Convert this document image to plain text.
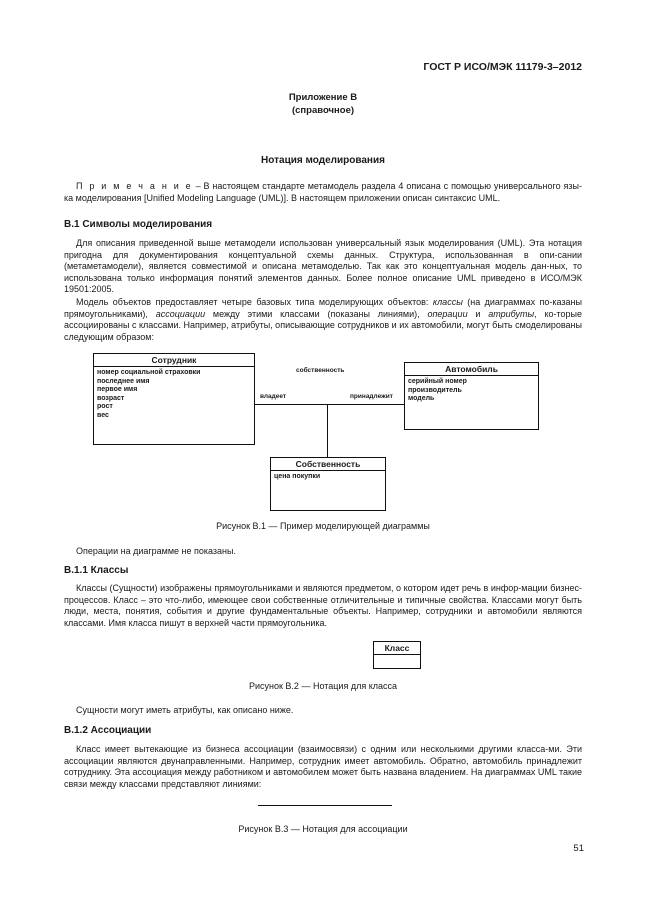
ГОСТ Р ИСО/МЭК 11179-3–2012
Приложение В
(справочное)
Нотация моделирования

П р и м е ч а н и е – В настоящем стандарте метамодель раздела 4 описана с помощью универсального язы-ка моделирования [Unified Modeling Language (UML)]. В настоящем приложении описан синтаксис UML.

В.1 Символы моделирования

Для описания приведенной выше метамодели использован универсальный язык моделирования (UML). Эта нотация пригодна для документирования концептуальной схемы данных. Структура, использованная в опи-сании (метаметамодели), является совместимой и описана метамоделью. Так как это концептуальная модель дан-ных, то использована только информация понятий элементов данных. Более полное описание UML приведено в ИСО/МЭК 19501:2005.

Модель объектов предоставляет четыре базовых типа моделирующих объектов: классы (на диаграммах по-казаны прямоугольниками), ассоциации между этими классами (показаны линиями), операции и атрибуты, ко-торые ассоциированы с классами. Например, атрибуты, описывающие сотрудников и их автомобили, могут быть смоделированы следующим образом:

Сотрудник
номер социальной страховки
последнее имя
первое имя
возраст
рост
вес
Автомобиль
серийный номер
производитель
модель
Собственность
цена покупки
собственность
владеет	принадлежит
Рисунок В.1 — Пример моделирующей диаграммы

Операции на диаграмме не показаны.

В.1.1 Классы

Классы (Сущности) изображены прямоугольниками и являются предметом, о котором идет речь в инфор-мации бизнес-процессов. Класс – это что-либо, имеющее свои собственные отличительные и типичные свойства. Классами могут быть люди, места, понятия, события и другие фундаментальные объекты. Например, сотрудники и автомобили являются классами. Имя класса пишут в верхней части прямоугольника.

Класс
Рисунок В.2 — Нотация для класса

Сущности могут иметь атрибуты, как описано ниже.

В.1.2 Ассоциации

Класс имеет вытекающие из бизнеса ассоциации (взаимосвязи) с одним или несколькими другими класса-ми. Эти ассоциации являются двунаправленными. Например, сотрудник имеет автомобиль. Обратно, автомобиль принадлежит сотруднику. Эта ассоциация между работником и автомобилем может быть названа владением. На диаграммах UML такие связи между классами представляют линиями:

Рисунок В.3 — Нотация для ассоциации
51
